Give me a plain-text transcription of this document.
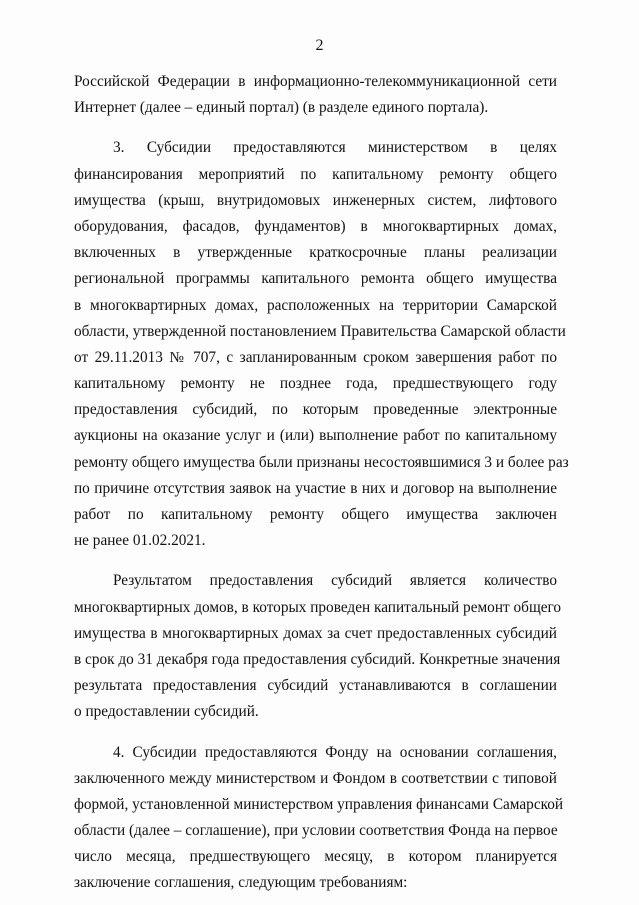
2
Российской Федерации в информационно-телекоммуникационной сети
Интернет (далее – единый портал) (в разделе единого портала).
3. Субсидии предоставляются министерством в целях
финансирования мероприятий по капитальному ремонту общего
имущества (крыш, внутридомовых инженерных систем, лифтового
оборудования, фасадов, фундаментов) в многоквартирных домах,
включенных в утвержденные краткосрочные планы реализации
региональной программы капитального ремонта общего имущества
в многоквартирных домах, расположенных на территории Самарской
области, утвержденной постановлением Правительства Самарской области
от 29.11.2013 № 707, с запланированным сроком завершения работ по
капитальному ремонту не позднее года, предшествующего году
предоставления субсидий, по которым проведенные электронные
аукционы на оказание услуг и (или) выполнение работ по капитальному
ремонту общего имущества были признаны несостоявшимися 3 и более раз
по причине отсутствия заявок на участие в них и договор на выполнение
работ по капитальному ремонту общего имущества заключен
не ранее 01.02.2021.
Результатом предоставления субсидий является количество
многоквартирных домов, в которых проведен капитальный ремонт общего
имущества в многоквартирных домах за счет предоставленных субсидий
в срок до 31 декабря года предоставления субсидий. Конкретные значения
результата предоставления субсидий устанавливаются в соглашении
о предоставлении субсидий.
4. Субсидии предоставляются Фонду на основании соглашения,
заключенного между министерством и Фондом в соответствии с типовой
формой, установленной министерством управления финансами Самарской
области (далее – соглашение), при условии соответствия Фонда на первое
число месяца, предшествующего месяцу, в котором планируется
заключение соглашения, следующим требованиям:
